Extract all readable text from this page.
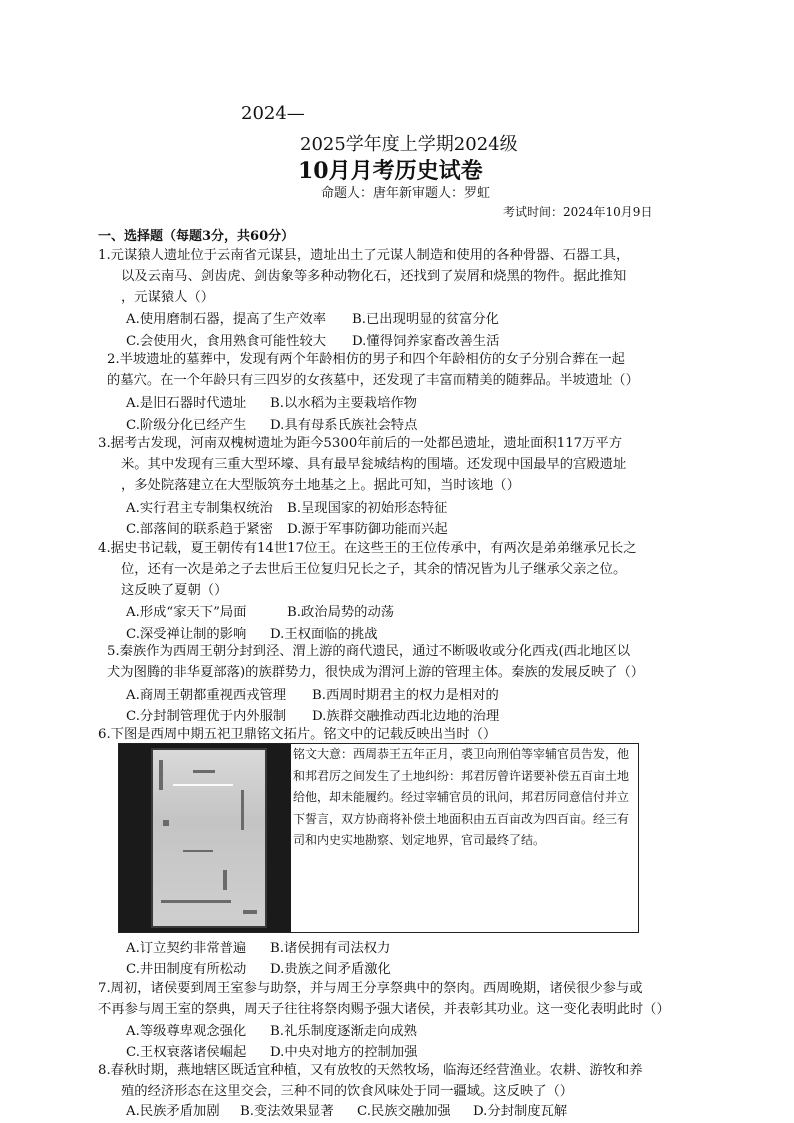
2024—
2025学年度上学期2024级
10月月考历史试卷
命题人：唐年新审题人：罗虹
考试时间：2024年10月9日
一、选择题（每题3分，共60分）
1.元谋猿人遗址位于云南省元谋县，遗址出土了元谋人制造和使用的各种骨器、石器工具，
以及云南马、剑齿虎、剑齿象等多种动物化石，还找到了炭屑和烧黑的物件。据此推知
，元谋猿人（）
A.使用磨制石器，提高了生产效率 B.已出现明显的贫富分化
C.会使用火，食用熟食可能性较大 D.懂得饲养家畜改善生活
2.半坡遗址的墓葬中，发现有两个年龄相仿的男子和四个年龄相仿的女子分别合葬在一起
的墓穴。在一个年龄只有三四岁的女孩墓中，还发现了丰富而精美的随葬品。半坡遗址（）
A.是旧石器时代遗址 B.以水稻为主要栽培作物
C.阶级分化已经产生 D.具有母系氏族社会特点
3.据考古发现，河南双槐树遗址为距今5300年前后的一处都邑遗址，遗址面积117万平方
米。其中发现有三重大型环壕、具有最早瓮城结构的围墙。还发现中国最早的宫殿遗址
，多处院落建立在大型版筑夯土地基之上。据此可知，当时该地（）
A.实行君主专制集权统治 B.呈现国家的初始形态特征
C.部落间的联系趋于紧密 D.源于军事防御功能而兴起
4.据史书记载，夏王朝传有14世17位王。在这些王的王位传承中，有两次是弟弟继承兄长之
位，还有一次是弟之子去世后王位复归兄长之子，其余的情况皆为儿子继承父亲之位。
这反映了夏朝（）
A.形成“家天下”局面	B.政治局势的动荡
C.深受禅让制的影响 D.王权面临的挑战
5.秦族作为西周王朝分封到泾、渭上游的商代遗民，通过不断吸收或分化西戎(西北地区以
犬为图腾的非华夏部落)的族群势力，很快成为渭河上游的管理主体。秦族的发展反映了（）
A.商周王朝都重视西戎管理 B.西周时期君主的权力是相对的
C.分封制管理优于内外服制 D.族群交融推动西北边地的治理
6.下图是西周中期五祀卫鼎铭文拓片。铭文中的记载反映出当时（）
铭文大意：西周恭王五年正月，裘卫向刑伯等宰辅官员告发，他和邦君厉之间发生了土地纠纷：邦君厉曾许诺要补偿五百亩土地给他，却未能履约。经过宰辅官员的讯问，邦君厉同意信付并立下誓言，双方协商将补偿土地面积由五百亩改为四百亩。经三有司和内史实地勘察、划定地界，官司最终了结。
A.订立契约非常普遍 B.诸侯拥有司法权力
C.井田制度有所松动 D.贵族之间矛盾激化
7.周初，诸侯要到周王室参与助祭，并与周王分享祭典中的祭肉。西周晚期，诸侯很少参与或
不再参与周王室的祭典，周天子往往将祭肉赐予强大诸侯，并表彰其功业。这一变化表明此时（）
A.等级尊卑观念强化 B.礼乐制度逐渐走向成熟
C.王权衰落诸侯崛起 D.中央对地方的控制加强
8.春秋时期，燕地辖区既适宜种植，又有放牧的天然牧场，临海还经营渔业。农耕、游牧和养
殖的经济形态在这里交会，三种不同的饮食风味处于同一疆域。这反映了（）
A.民族矛盾加剧 B.变法效果显著 C.民族交融加强 D.分封制度瓦解
